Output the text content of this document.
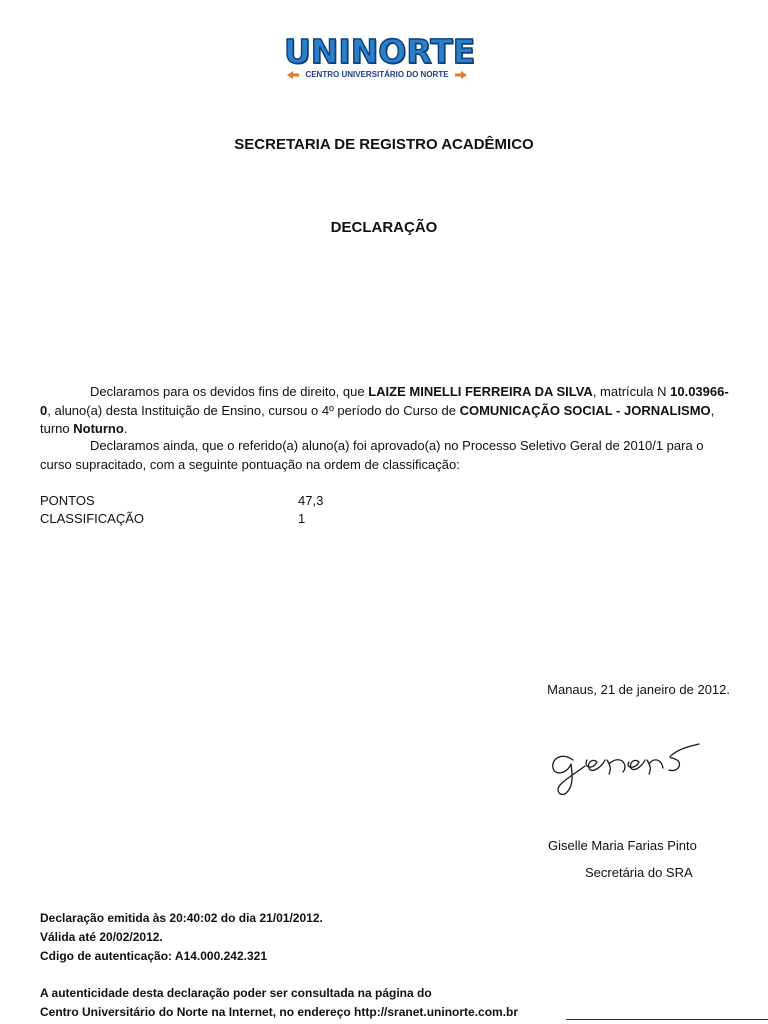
UNINORTE
CENTRO UNIVERSITÁRIO DO NORTE
SECRETARIA DE REGISTRO ACADÊMICO
DECLARAÇÃO
Declaramos para os devidos fins de direito, que LAIZE MINELLI FERREIRA DA SILVA, matrícula N 10.03966-0, aluno(a) desta Instituição de Ensino, cursou o 4º período do Curso de COMUNICAÇÃO SOCIAL - JORNALISMO, turno Noturno.
Declaramos ainda, que o referido(a) aluno(a) foi aprovado(a) no Processo Seletivo Geral de 2010/1 para o curso supracitado, com a seguinte pontuação na ordem de classificação:
PONTOS	47,3
CLASSIFICAÇÃO	1
Manaus, 21 de janeiro de 2012.
Giselle Maria Farias Pinto
Secretária do SRA
Declaração emitida às 20:40:02 do dia 21/01/2012.
Válida até 20/02/2012.
Cdigo de autenticação: A14.000.242.321
A autenticidade desta declaração poder ser consultada na página do
Centro Universitário do Norte na Internet, no endereço http://sranet.uninorte.com.br
